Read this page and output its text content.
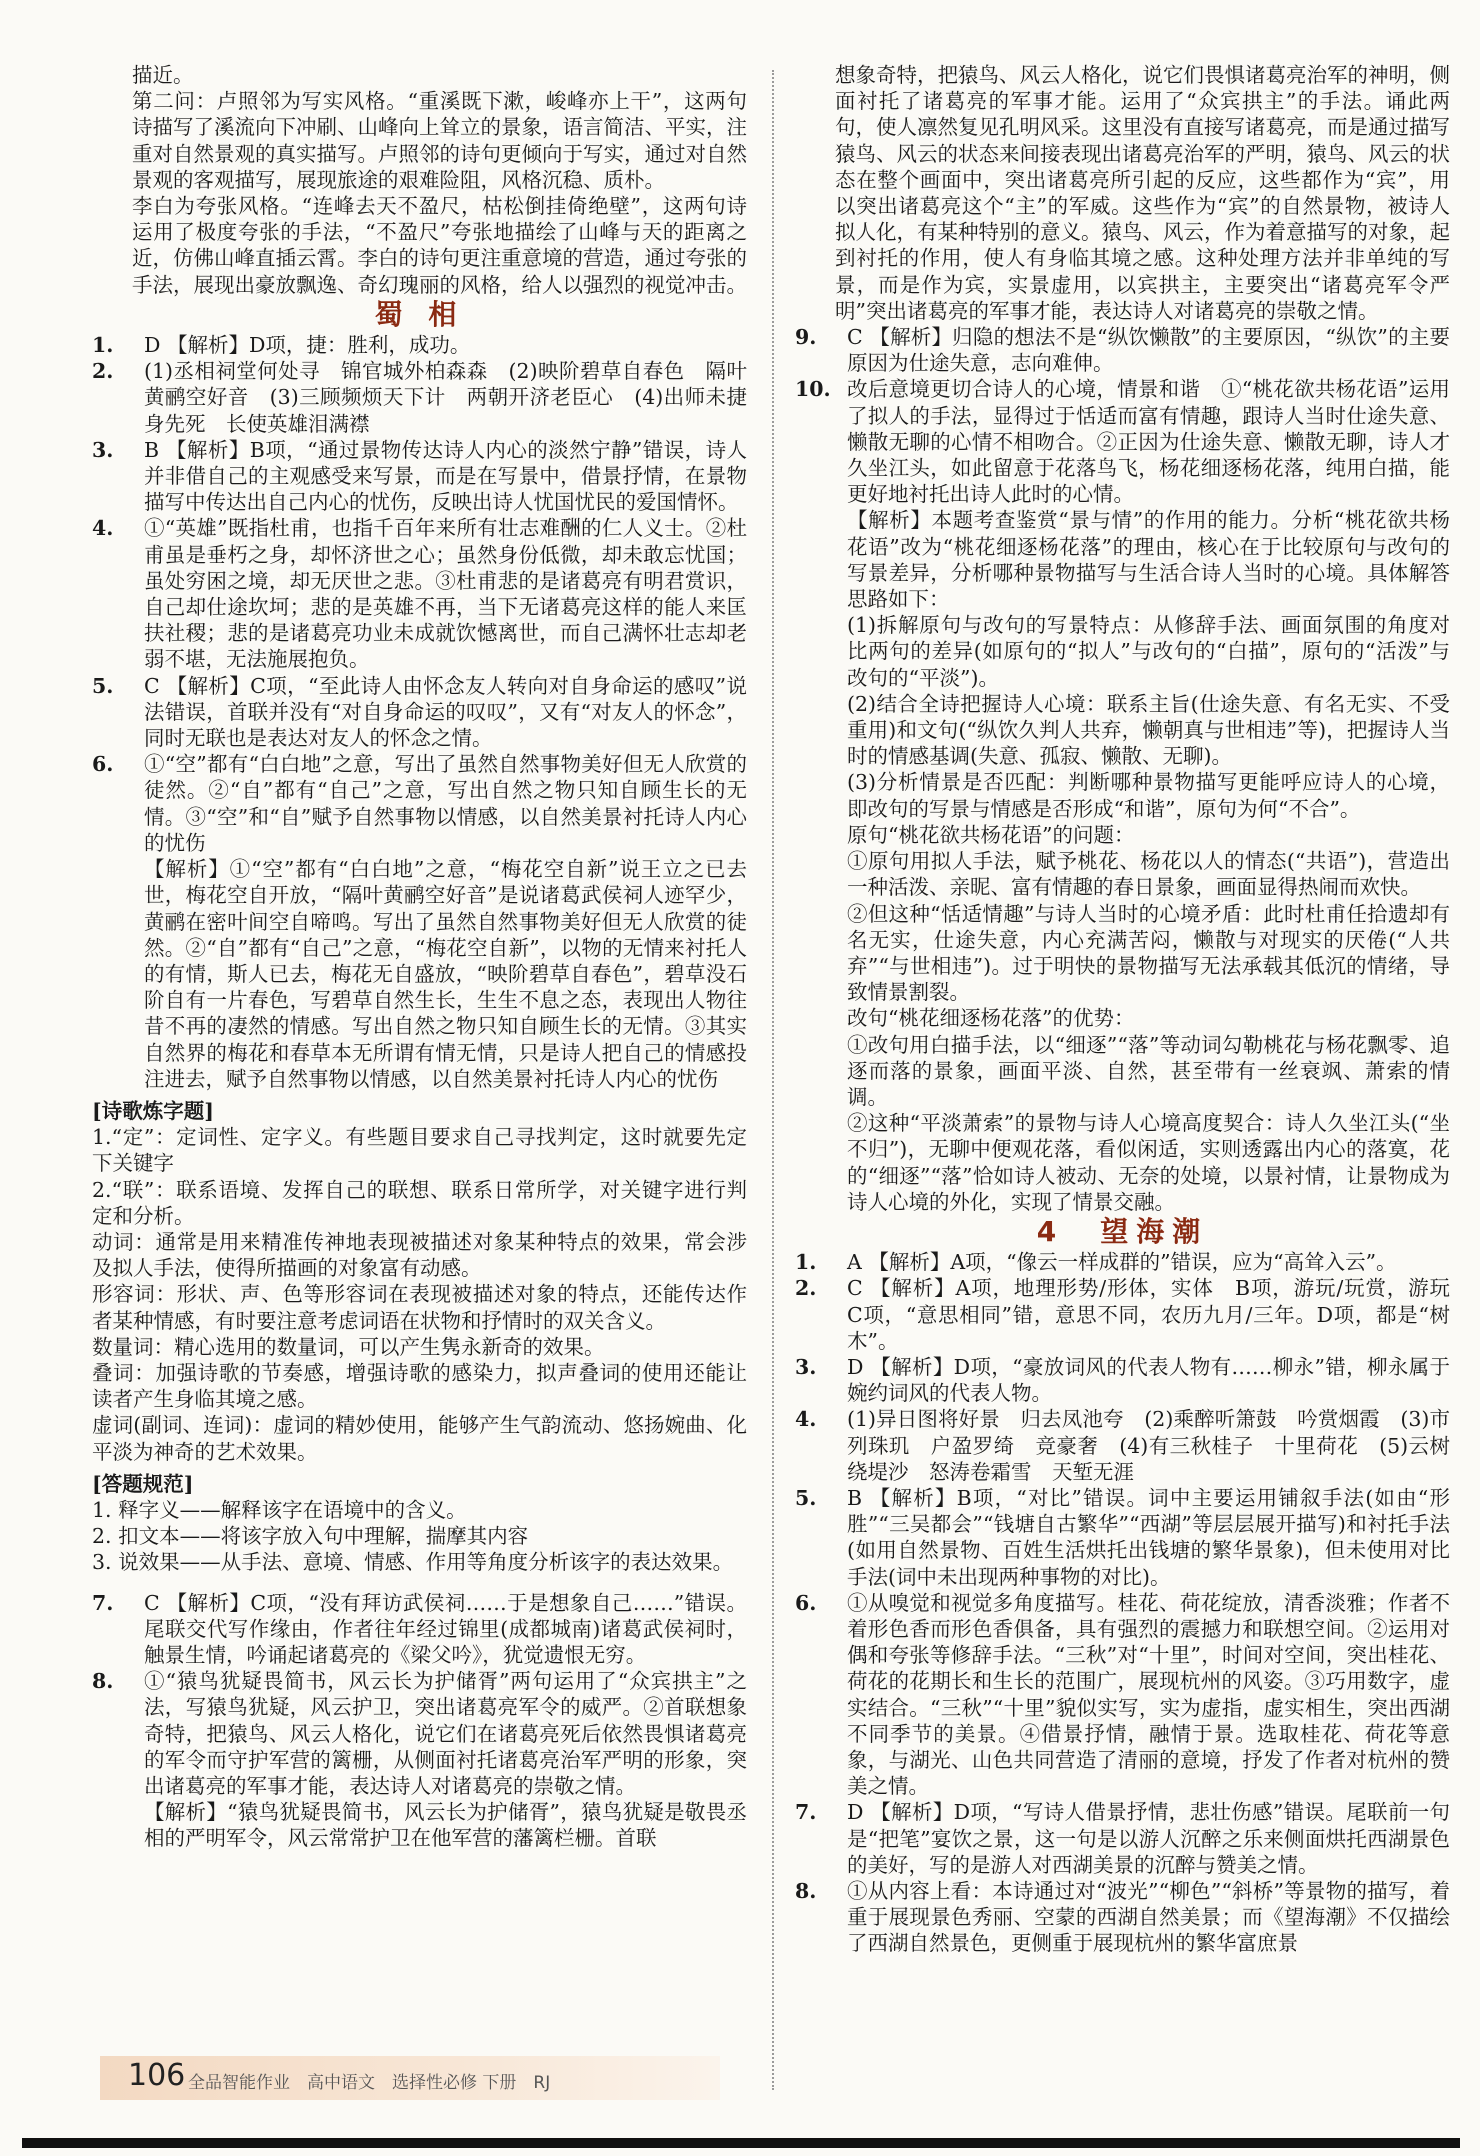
描近。

第二问：卢照邻为写实风格。“重溪既下漱，峻峰亦上干”，这两句诗描写了溪流向下冲刷、山峰向上耸立的景象，语言简洁、平实，注重对自然景观的真实描写。卢照邻的诗句更倾向于写实，通过对自然景观的客观描写，展现旅途的艰难险阻，风格沉稳、质朴。

李白为夸张风格。“连峰去天不盈尺，枯松倒挂倚绝壁”，这两句诗运用了极度夸张的手法，“不盈尺”夸张地描绘了山峰与天的距离之近，仿佛山峰直插云霄。李白的诗句更注重意境的营造，通过夸张的手法，展现出豪放飘逸、奇幻瑰丽的风格，给人以强烈的视觉冲击。

蜀 相
1. D 【解析】D项，捷：胜利，成功。
2. (1)丞相祠堂何处寻　锦官城外柏森森　(2)映阶碧草自春色　隔叶黄鹂空好音　(3)三顾频烦天下计　两朝开济老臣心　(4)出师未捷身先死　长使英雄泪满襟
3. B 【解析】B项，“通过景物传达诗人内心的淡然宁静”错误，诗人并非借自己的主观感受来写景，而是在写景中，借景抒情，在景物描写中传达出自己内心的忧伤，反映出诗人忧国忧民的爱国情怀。
4. ①“英雄”既指杜甫，也指千百年来所有壮志难酬的仁人义士。②杜甫虽是垂朽之身，却怀济世之心；虽然身份低微，却未敢忘忧国；虽处穷困之境，却无厌世之悲。③杜甫悲的是诸葛亮有明君赏识，自己却仕途坎坷；悲的是英雄不再，当下无诸葛亮这样的能人来匡扶社稷；悲的是诸葛亮功业未成就饮憾离世，而自己满怀壮志却老弱不堪，无法施展抱负。
5. C 【解析】C项，“至此诗人由怀念友人转向对自身命运的感叹”说法错误，首联并没有“对自身命运的叹叹”，又有“对友人的怀念”，同时无联也是表达对友人的怀念之情。
6. ①“空”都有“白白地”之意，写出了虽然自然事物美好但无人欣赏的徒然。②“自”都有“自己”之意，写出自然之物只知自顾生长的无情。③“空”和“自”赋予自然事物以情感，以自然美景衬托诗人内心的忧伤
【解析】①“空”都有“白白地”之意，“梅花空自新”说王立之已去世，梅花空自开放，“隔叶黄鹂空好音”是说诸葛武侯祠人迹罕少，黄鹂在密叶间空自啼鸣。写出了虽然自然事物美好但无人欣赏的徒然。②“自”都有“自己”之意，“梅花空自新”，以物的无情来衬托人的有情，斯人已去，梅花无自盛放，“映阶碧草自春色”，碧草没石阶自有一片春色，写碧草自然生长，生生不息之态，表现出人物往昔不再的凄然的情感。写出自然之物只知自顾生长的无情。③其实自然界的梅花和春草本无所谓有情无情，只是诗人把自己的情感投注进去，赋予自然事物以情感，以自然美景衬托诗人内心的忧伤
[诗歌炼字题]

1.“定”：定词性、定字义。有些题目要求自己寻找判定，这时就要先定下关键字

2.“联”：联系语境、发挥自己的联想、联系日常所学，对关键字进行判定和分析。

动词：通常是用来精准传神地表现被描述对象某种特点的效果，常会涉及拟人手法，使得所描画的对象富有动感。

形容词：形状、声、色等形容词在表现被描述对象的特点，还能传达作者某种情感，有时要注意考虑词语在状物和抒情时的双关含义。

数量词：精心选用的数量词，可以产生隽永新奇的效果。

叠词：加强诗歌的节奏感，增强诗歌的感染力，拟声叠词的使用还能让读者产生身临其境之感。

虚词(副词、连词)：虚词的精妙使用，能够产生气韵流动、悠扬婉曲、化平淡为神奇的艺术效果。

[答题规范]

1. 释字义——解释该字在语境中的含义。

2. 扣文本——将该字放入句中理解，揣摩其内容

3. 说效果——从手法、意境、情感、作用等角度分析该字的表达效果。

7. C 【解析】C项，“没有拜访武侯祠……于是想象自己……”错误。尾联交代写作缘由，作者往年经过锦里(成都城南)诸葛武侯祠时，触景生情，吟诵起诸葛亮的《梁父吟》，犹觉遗恨无穷。
8. ①“猿鸟犹疑畏简书，风云长为护储胥”两句运用了“众宾拱主”之法，写猿鸟犹疑，风云护卫，突出诸葛亮军令的威严。②首联想象奇特，把猿鸟、风云人格化，说它们在诸葛亮死后依然畏惧诸葛亮的军令而守护军营的篱栅，从侧面衬托诸葛亮治军严明的形象，突出诸葛亮的军事才能，表达诗人对诸葛亮的崇敬之情。
【解析】“猿鸟犹疑畏简书，风云长为护储胥”，猿鸟犹疑是敬畏丞相的严明军令，风云常常护卫在他军营的藩篱栏栅。首联

想象奇特，把猿鸟、风云人格化，说它们畏惧诸葛亮治军的神明，侧面衬托了诸葛亮的军事才能。运用了“众宾拱主”的手法。诵此两句，使人凛然复见孔明风采。这里没有直接写诸葛亮，而是通过描写猿鸟、风云的状态来间接表现出诸葛亮治军的严明，猿鸟、风云的状态在整个画面中，突出诸葛亮所引起的反应，这些都作为“宾”，用以突出诸葛亮这个“主”的军威。这些作为“宾”的自然景物，被诗人拟人化，有某种特别的意义。猿鸟、风云，作为着意描写的对象，起到衬托的作用，使人有身临其境之感。这种处理方法并非单纯的写景，而是作为宾，实景虚用，以宾拱主，主要突出“诸葛亮军令严明”突出诸葛亮的军事才能，表达诗人对诸葛亮的崇敬之情。

9. C 【解析】归隐的想法不是“纵饮懒散”的主要原因，“纵饮”的主要原因为仕途失意，志向难伸。
10. 改后意境更切合诗人的心境，情景和谐　①“桃花欲共杨花语”运用了拟人的手法，显得过于恬适而富有情趣，跟诗人当时仕途失意、懒散无聊的心情不相吻合。②正因为仕途失意、懒散无聊，诗人才久坐江头，如此留意于花落鸟飞，杨花细逐杨花落，纯用白描，能更好地衬托出诗人此时的心情。
【解析】本题考查鉴赏“景与情”的作用的能力。分析“桃花欲共杨花语”改为“桃花细逐杨花落”的理由，核心在于比较原句与改句的写景差异，分析哪种景物描写与生活合诗人当时的心境。具体解答思路如下：
(1)拆解原句与改句的写景特点：从修辞手法、画面氛围的角度对比两句的差异(如原句的“拟人”与改句的“白描”，原句的“活泼”与改句的“平淡”)。
(2)结合全诗把握诗人心境：联系主旨(仕途失意、有名无实、不受重用)和文句(“纵饮久判人共弃，懒朝真与世相违”等)，把握诗人当时的情感基调(失意、孤寂、懒散、无聊)。
(3)分析情景是否匹配：判断哪种景物描写更能呼应诗人的心境，即改句的写景与情感是否形成“和谐”，原句为何“不合”。
原句“桃花欲共杨花语”的问题：
①原句用拟人手法，赋予桃花、杨花以人的情态(“共语”)，营造出一种活泼、亲昵、富有情趣的春日景象，画面显得热闹而欢快。
②但这种“恬适情趣”与诗人当时的心境矛盾：此时杜甫任拾遗却有名无实，仕途失意，内心充满苦闷，懒散与对现实的厌倦(“人共弃”“与世相违”)。过于明快的景物描写无法承载其低沉的情绪，导致情景割裂。
改句“桃花细逐杨花落”的优势：
①改句用白描手法，以“细逐”“落”等动词勾勒桃花与杨花飘零、追逐而落的景象，画面平淡、自然，甚至带有一丝衰飒、萧索的情调。
②这种“平淡萧索”的景物与诗人心境高度契合：诗人久坐江头(“坐不归”)，无聊中便观花落，看似闲适，实则透露出内心的落寞，花的“细逐”“落”恰如诗人被动、无奈的处境，以景衬情，让景物成为诗人心境的外化，实现了情景交融。
4　望海潮
1. A 【解析】A项，“像云一样成群的”错误，应为“高耸入云”。
2. C 【解析】A项，地理形势/形体，实体　B项，游玩/玩赏，游玩　C项，“意思相同”错，意思不同，农历九月/三年。D项，都是“树木”。
3. D 【解析】D项，“豪放词风的代表人物有……柳永”错，柳永属于婉约词风的代表人物。
4. (1)异日图将好景　归去凤池夸　(2)乘醉听箫鼓　吟赏烟霞　(3)市列珠玑　户盈罗绮　竞豪奢　(4)有三秋桂子　十里荷花　(5)云树绕堤沙　怒涛卷霜雪　天堑无涯
5. B 【解析】B项，“对比”错误。词中主要运用铺叙手法(如由“形胜”“三吴都会”“钱塘自古繁华”“西湖”等层层展开描写)和衬托手法(如用自然景物、百姓生活烘托出钱塘的繁华景象)，但未使用对比手法(词中未出现两种事物的对比)。
6. ①从嗅觉和视觉多角度描写。桂花、荷花绽放，清香淡雅；作者不着形色香而形色香俱备，具有强烈的震撼力和联想空间。②运用对偶和夸张等修辞手法。“三秋”对“十里”，时间对空间，突出桂花、荷花的花期长和生长的范围广，展现杭州的风姿。③巧用数字，虚实结合。“三秋”“十里”貌似实写，实为虚指，虚实相生，突出西湖不同季节的美景。④借景抒情，融情于景。选取桂花、荷花等意象，与湖光、山色共同营造了清丽的意境，抒发了作者对杭州的赞美之情。
7. D 【解析】D项，“写诗人借景抒情，悲壮伤感”错误。尾联前一句是“把笔”宴饮之景，这一句是以游人沉醉之乐来侧面烘托西湖景色的美好，写的是游人对西湖美景的沉醉与赞美之情。
8. ①从内容上看：本诗通过对“波光”“柳色”“斜桥”等景物的描写，着重于展现景色秀丽、空蒙的西湖自然美景；而《望海潮》不仅描绘了西湖自然景色，更侧重于展现杭州的繁华富庶景
106 全品智能作业　高中语文　选择性必修 下册　RJ
